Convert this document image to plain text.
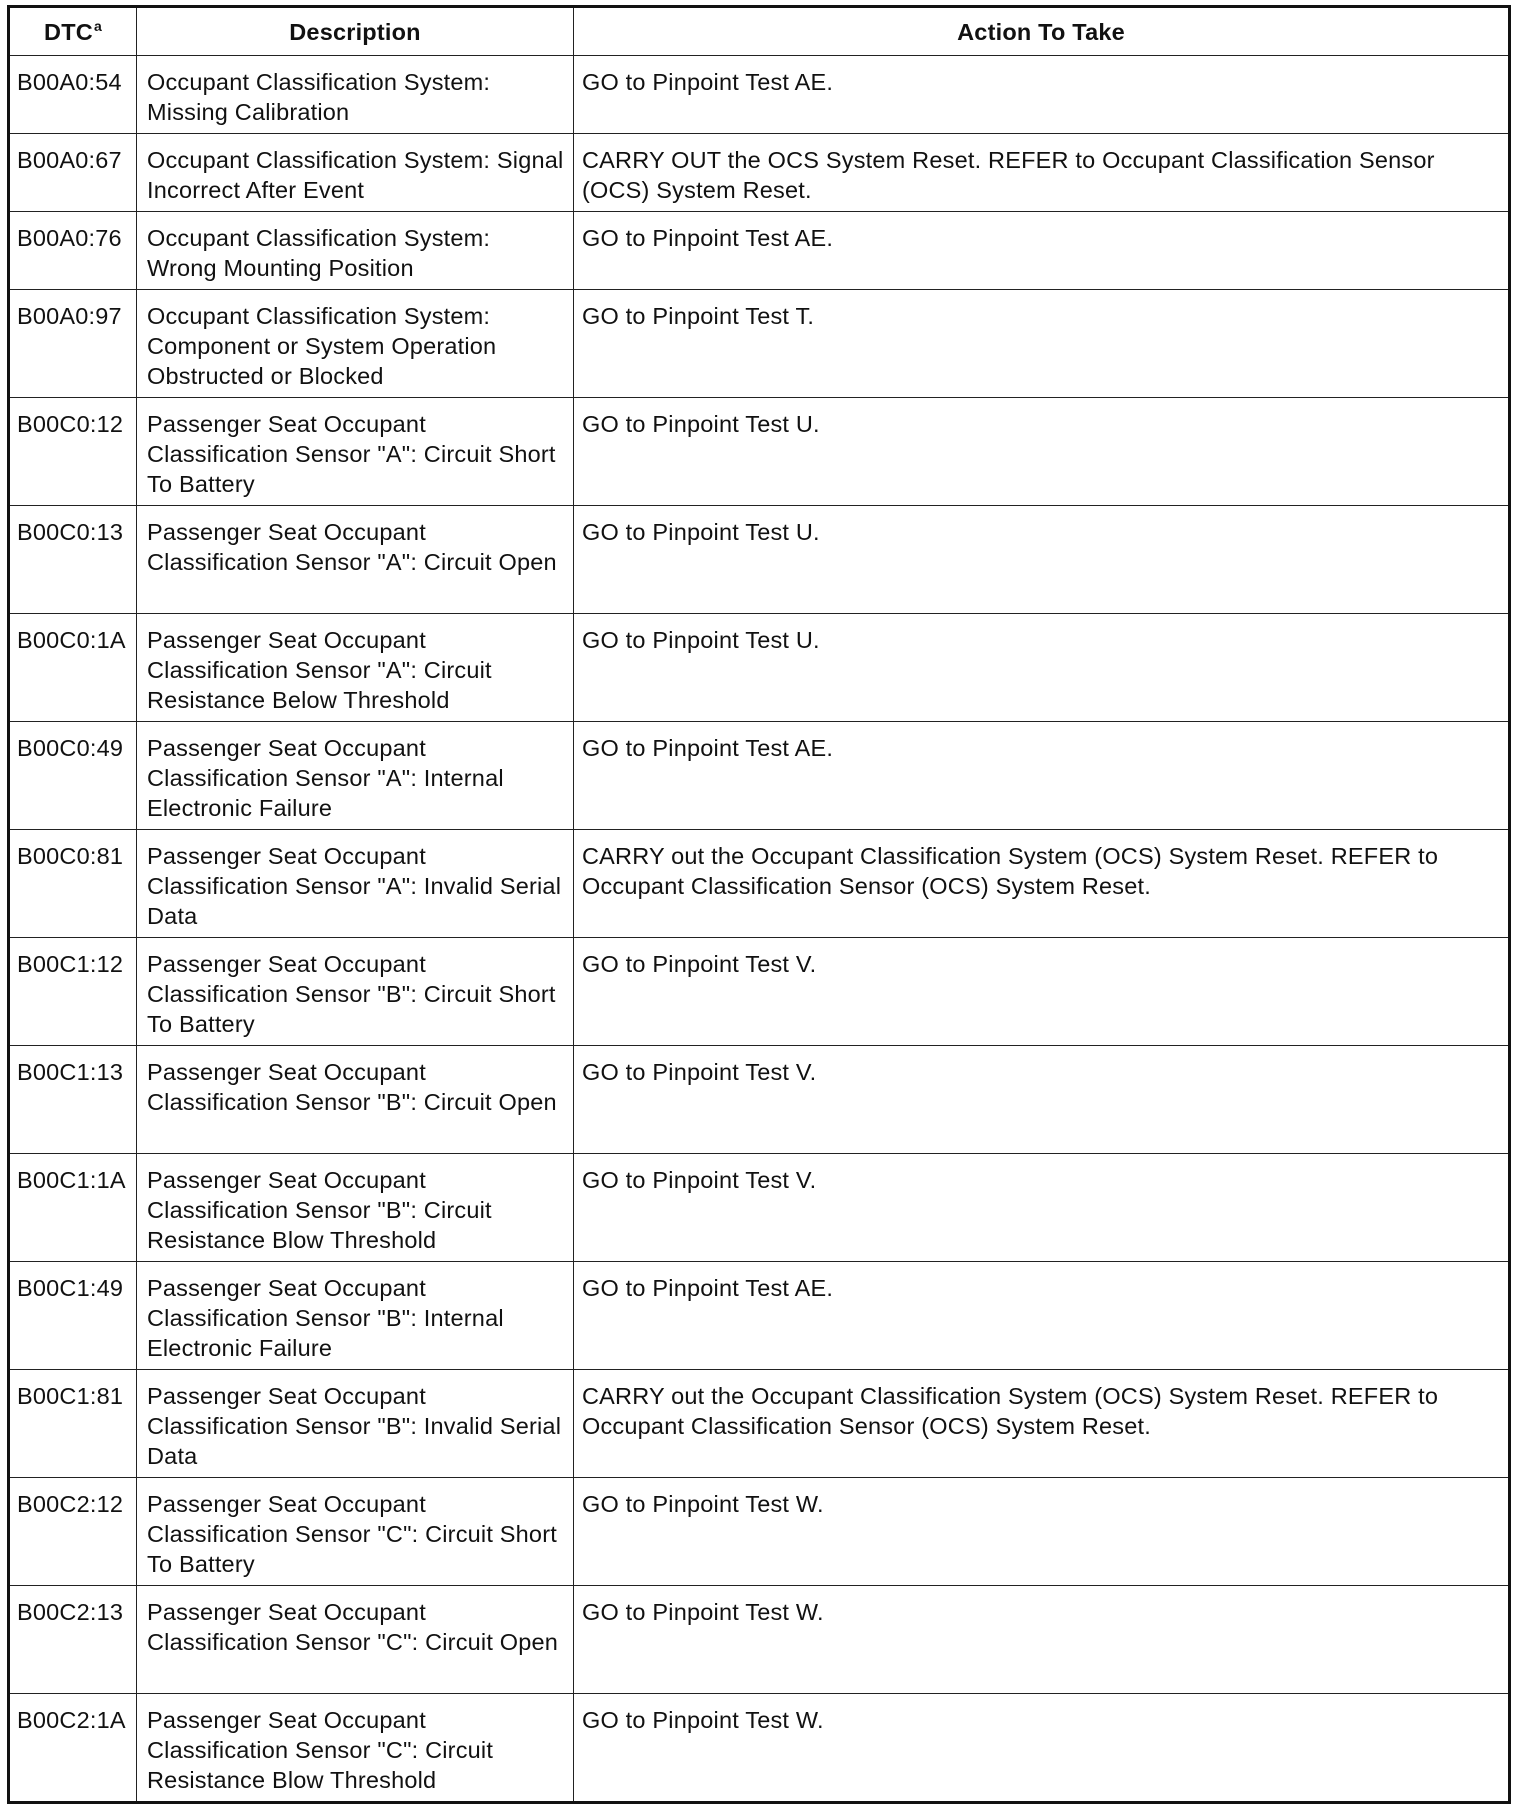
DTC$^a$	Description	Action To Take
B00A0:54	Occupant Classification System: Missing Calibration	GO to Pinpoint Test AE.
B00A0:67	Occupant Classification System: Signal Incorrect After Event	CARRY OUT the OCS System Reset. REFER to Occupant Classification Sensor (OCS) System Reset.
B00A0:76	Occupant Classification System: Wrong Mounting Position	GO to Pinpoint Test AE.
B00A0:97	Occupant Classification System: Component or System Operation Obstructed or Blocked	GO to Pinpoint Test T.
B00C0:12	Passenger Seat Occupant Classification Sensor "A": Circuit Short To Battery	GO to Pinpoint Test U.
B00C0:13	Passenger Seat Occupant Classification Sensor "A": Circuit Open	GO to Pinpoint Test U.
B00C0:1A	Passenger Seat Occupant Classification Sensor "A": Circuit Resistance Below Threshold	GO to Pinpoint Test U.
B00C0:49	Passenger Seat Occupant Classification Sensor "A": Internal Electronic Failure	GO to Pinpoint Test AE.
B00C0:81	Passenger Seat Occupant Classification Sensor "A": Invalid Serial Data	CARRY out the Occupant Classification System (OCS) System Reset. REFER to Occupant Classification Sensor (OCS) System Reset.
B00C1:12	Passenger Seat Occupant Classification Sensor "B": Circuit Short To Battery	GO to Pinpoint Test V.
B00C1:13	Passenger Seat Occupant Classification Sensor "B": Circuit Open	GO to Pinpoint Test V.
B00C1:1A	Passenger Seat Occupant Classification Sensor "B": Circuit Resistance Blow Threshold	GO to Pinpoint Test V.
B00C1:49	Passenger Seat Occupant Classification Sensor "B": Internal Electronic Failure	GO to Pinpoint Test AE.
B00C1:81	Passenger Seat Occupant Classification Sensor "B": Invalid Serial Data	CARRY out the Occupant Classification System (OCS) System Reset. REFER to Occupant Classification Sensor (OCS) System Reset.
B00C2:12	Passenger Seat Occupant Classification Sensor "C": Circuit Short To Battery	GO to Pinpoint Test W.
B00C2:13	Passenger Seat Occupant Classification Sensor "C": Circuit Open	GO to Pinpoint Test W.
B00C2:1A	Passenger Seat Occupant Classification Sensor "C": Circuit Resistance Blow Threshold	GO to Pinpoint Test W.
